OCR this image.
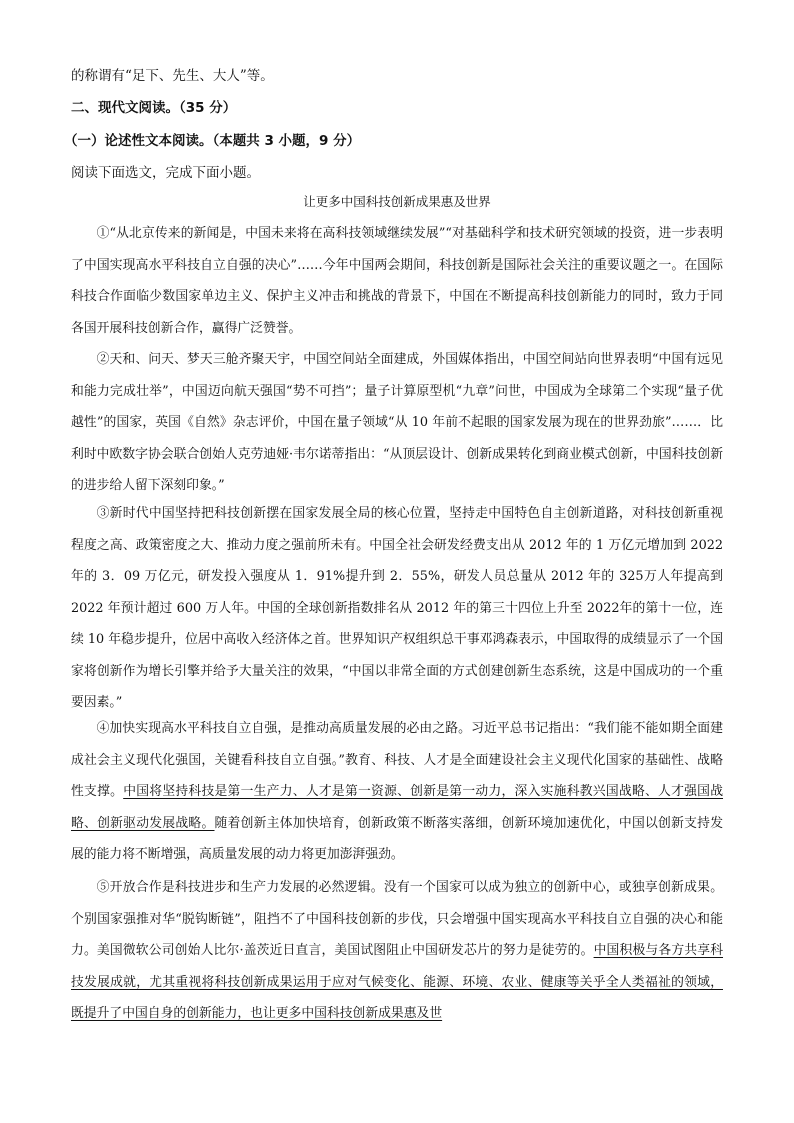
的称谓有“足下、先生、大人”等。
二、现代文阅读。（35 分）
（一）论述性文本阅读。（本题共 3 小题，9 分）
阅读下面选文，完成下面小题。
让更多中国科技创新成果惠及世界

①“从北京传来的新闻是，中国未来将在高科技领域继续发展”“对基础科学和技术研究领域的投资，进一步表明了中国实现高水平科技自立自强的决心”……今年中国两会期间，科技创新是国际社会关注的重要议题之一。在国际科技合作面临少数国家单边主义、保护主义冲击和挑战的背景下，中国在不断提高科技创新能力的同时，致力于同各国开展科技创新合作，赢得广泛赞誉。

②天和、问天、梦天三舱齐聚天宇，中国空间站全面建成，外国媒体指出，中国空间站向世界表明“中国有远见和能力完成壮举”，中国迈向航天强国“势不可挡”；量子计算原型机“九章”问世，中国成为全球第二个实现“量子优越性”的国家，英国《自然》杂志评价，中国在量子领域“从 10 年前不起眼的国家发展为现在的世界劲旅”……．比利时中欧数字协会联合创始人克劳迪娅·韦尔诺蒂指出：“从顶层设计、创新成果转化到商业模式创新，中国科技创新的进步给人留下深刻印象。”

③新时代中国坚持把科技创新摆在国家发展全局的核心位置，坚持走中国特色自主创新道路，对科技创新重视程度之高、政策密度之大、推动力度之强前所未有。中国全社会研发经费支出从 2012 年的 1 万亿元增加到 2022 年的 3．09 万亿元，研发投入强度从 1．91%提升到 2．55%，研发人员总量从 2012 年的 325万人年提高到 2022 年预计超过 600 万人年。中国的全球创新指数排名从 2012 年的第三十四位上升至 2022年的第十一位，连续 10 年稳步提升，位居中高收入经济体之首。世界知识产权组织总干事邓鸿森表示，中国取得的成绩显示了一个国家将创新作为增长引擎并给予大量关注的效果，“中国以非常全面的方式创建创新生态系统，这是中国成功的一个重要因素。”

④加快实现高水平科技自立自强，是推动高质量发展的必由之路。习近平总书记指出：“我们能不能如期全面建成社会主义现代化强国，关键看科技自立自强。”教育、科技、人才是全面建设社会主义现代化国家的基础性、战略性支撑。中国将坚持科技是第一生产力、人才是第一资源、创新是第一动力，深入实施科教兴国战略、人才强国战略、创新驱动发展战略。随着创新主体加快培育，创新政策不断落实落细，创新环境加速优化，中国以创新支持发展的能力将不断增强，高质量发展的动力将更加澎湃强劲。

⑤开放合作是科技进步和生产力发展的必然逻辑。没有一个国家可以成为独立的创新中心，或独享创新成果。个别国家强推对华“脱钩断链”，阻挡不了中国科技创新的步伐，只会增强中国实现高水平科技自立自强的决心和能力。美国微软公司创始人比尔·盖茨近日直言，美国试图阻止中国研发芯片的努力是徒劳的。中国积极与各方共享科技发展成就，尤其重视将科技创新成果运用于应对气候变化、能源、环境、农业、健康等关乎全人类福祉的领域，既提升了中国自身的创新能力，也让更多中国科技创新成果惠及世
